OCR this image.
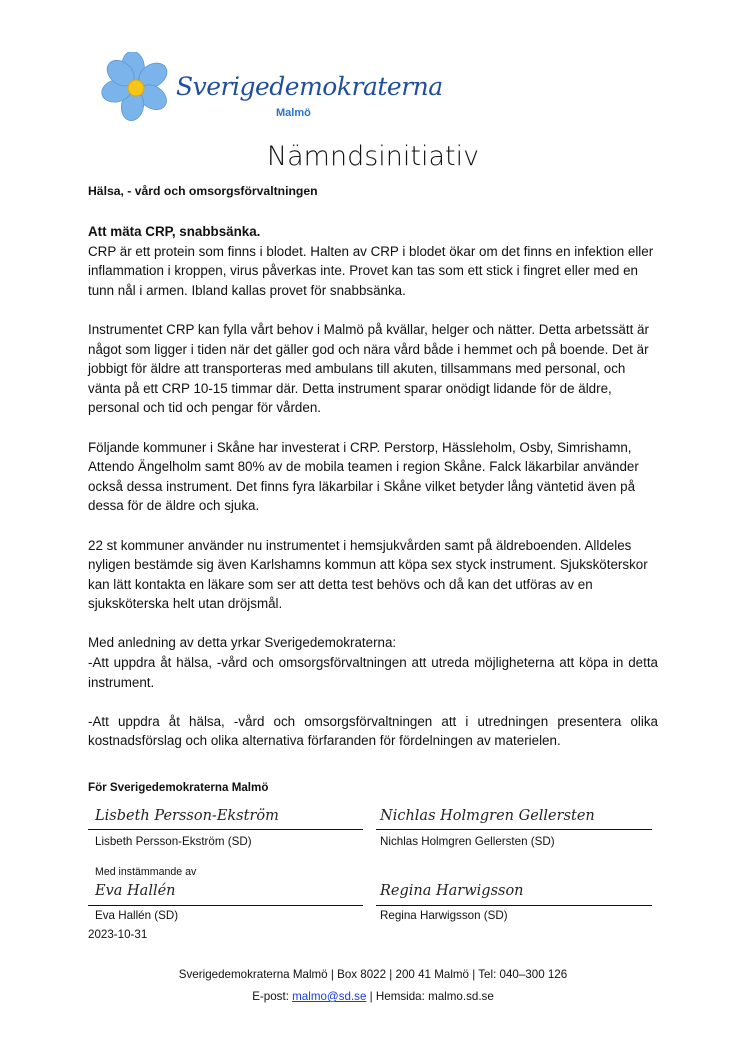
Sverigedemokraterna
Malmö
Nämndsinitiativ
Hälsa, - vård och omsorgsförvaltningen

Att mäta CRP, snabbsänka.

CRP är ett protein som finns i blodet. Halten av CRP i blodet ökar om det finns en infektion eller inflammation i kroppen, virus påverkas inte. Provet kan tas som ett stick i fingret eller med en tunn nål i armen. Ibland kallas provet för snabbsänka.

Instrumentet CRP kan fylla vårt behov i Malmö på kvällar, helger och nätter. Detta arbetssätt är något som ligger i tiden när det gäller god och nära vård både i hemmet och på boende. Det är jobbigt för äldre att transporteras med ambulans till akuten, tillsammans med personal, och vänta på ett CRP 10-15 timmar där. Detta instrument sparar onödigt lidande för de äldre, personal och tid och pengar för vården.

Följande kommuner i Skåne har investerat i CRP. Perstorp, Hässleholm, Osby, Simrishamn, Attendo Ängelholm samt 80% av de mobila teamen i region Skåne. Falck läkarbilar använder också dessa instrument. Det finns fyra läkarbilar i Skåne vilket betyder lång väntetid även på dessa för de äldre och sjuka.

22 st kommuner använder nu instrumentet i hemsjukvården samt på äldreboenden. Alldeles nyligen bestämde sig även Karlshamns kommun att köpa sex styck instrument. Sjuksköterskor kan lätt kontakta en läkare som ser att detta test behövs och då kan det utföras av en sjuksköterska helt utan dröjsmål.

Med anledning av detta yrkar Sverigedemokraterna:

-Att uppdra åt hälsa, -vård och omsorgsförvaltningen att utreda möjligheterna att köpa in detta instrument.

-Att uppdra åt hälsa, -vård och omsorgsförvaltningen att i utredningen presentera olika kostnadsförslag och olika alternativa förfaranden för fördelningen av materielen.

För Sverigedemokraterna Malmö
Lisbeth Persson-Ekström
Lisbeth Persson-Ekström (SD)
Nichlas Holmgren Gellersten
Nichlas Holmgren Gellersten (SD)
Med instämmande av
Eva Hallén
Eva Hallén (SD)
Regina Harwigsson
Regina Harwigsson (SD)
2023-10-31
Sverigedemokraterna Malmö | Box 8022 | 200 41 Malmö | Tel: 040–300 126
E-post: malmo@sd.se | Hemsida: malmo.sd.se
